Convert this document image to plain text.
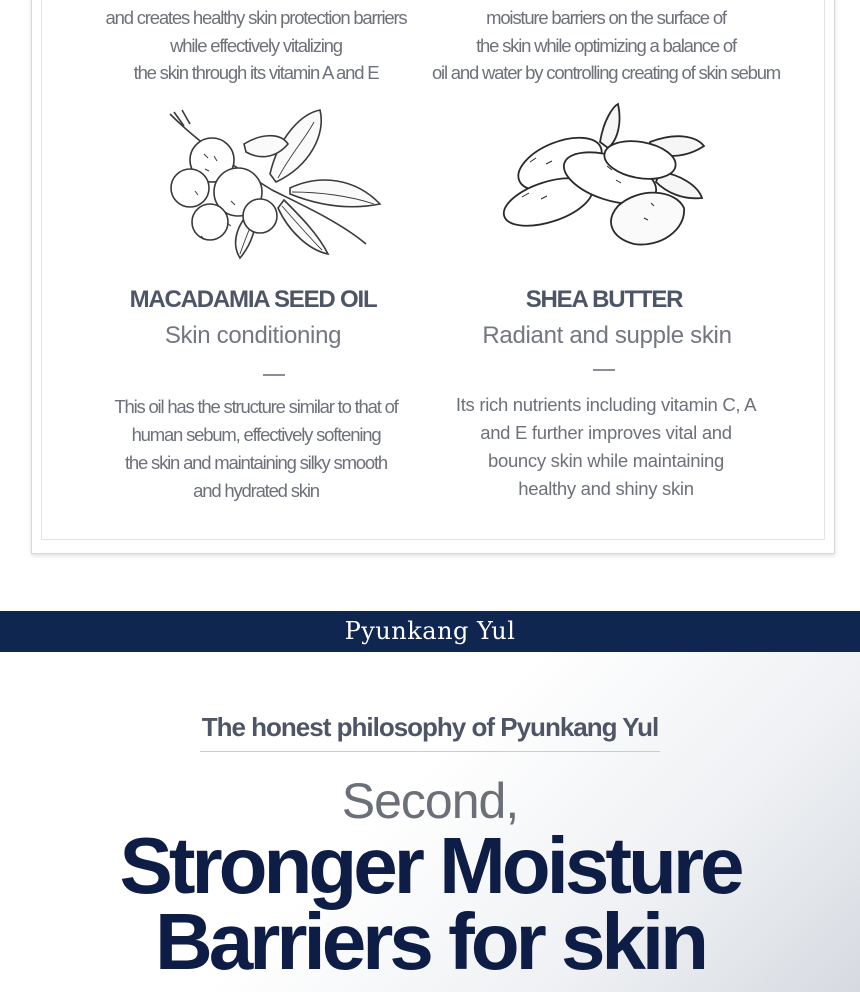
and creates healthy skin protection barriers
while effectively vitalizing
the skin through its vitamin A and E
moisture barriers on the surface of
the skin while optimizing a balance of
oil and water by controlling creating of skin sebum
MACADAMIA SEED OIL
Skin conditioning
This oil has the structure similar to that of
human sebum, effectively softening
the skin and maintaining silky smooth
and hydrated skin
SHEA BUTTER
Radiant and supple skin
Its rich nutrients including vitamin C, A
and E further improves vital and
bouncy skin while maintaining
healthy and shiny skin
Pyunkang Yul
The honest philosophy of Pyunkang Yul
Second,
Stronger Moisture
Barriers for skin
